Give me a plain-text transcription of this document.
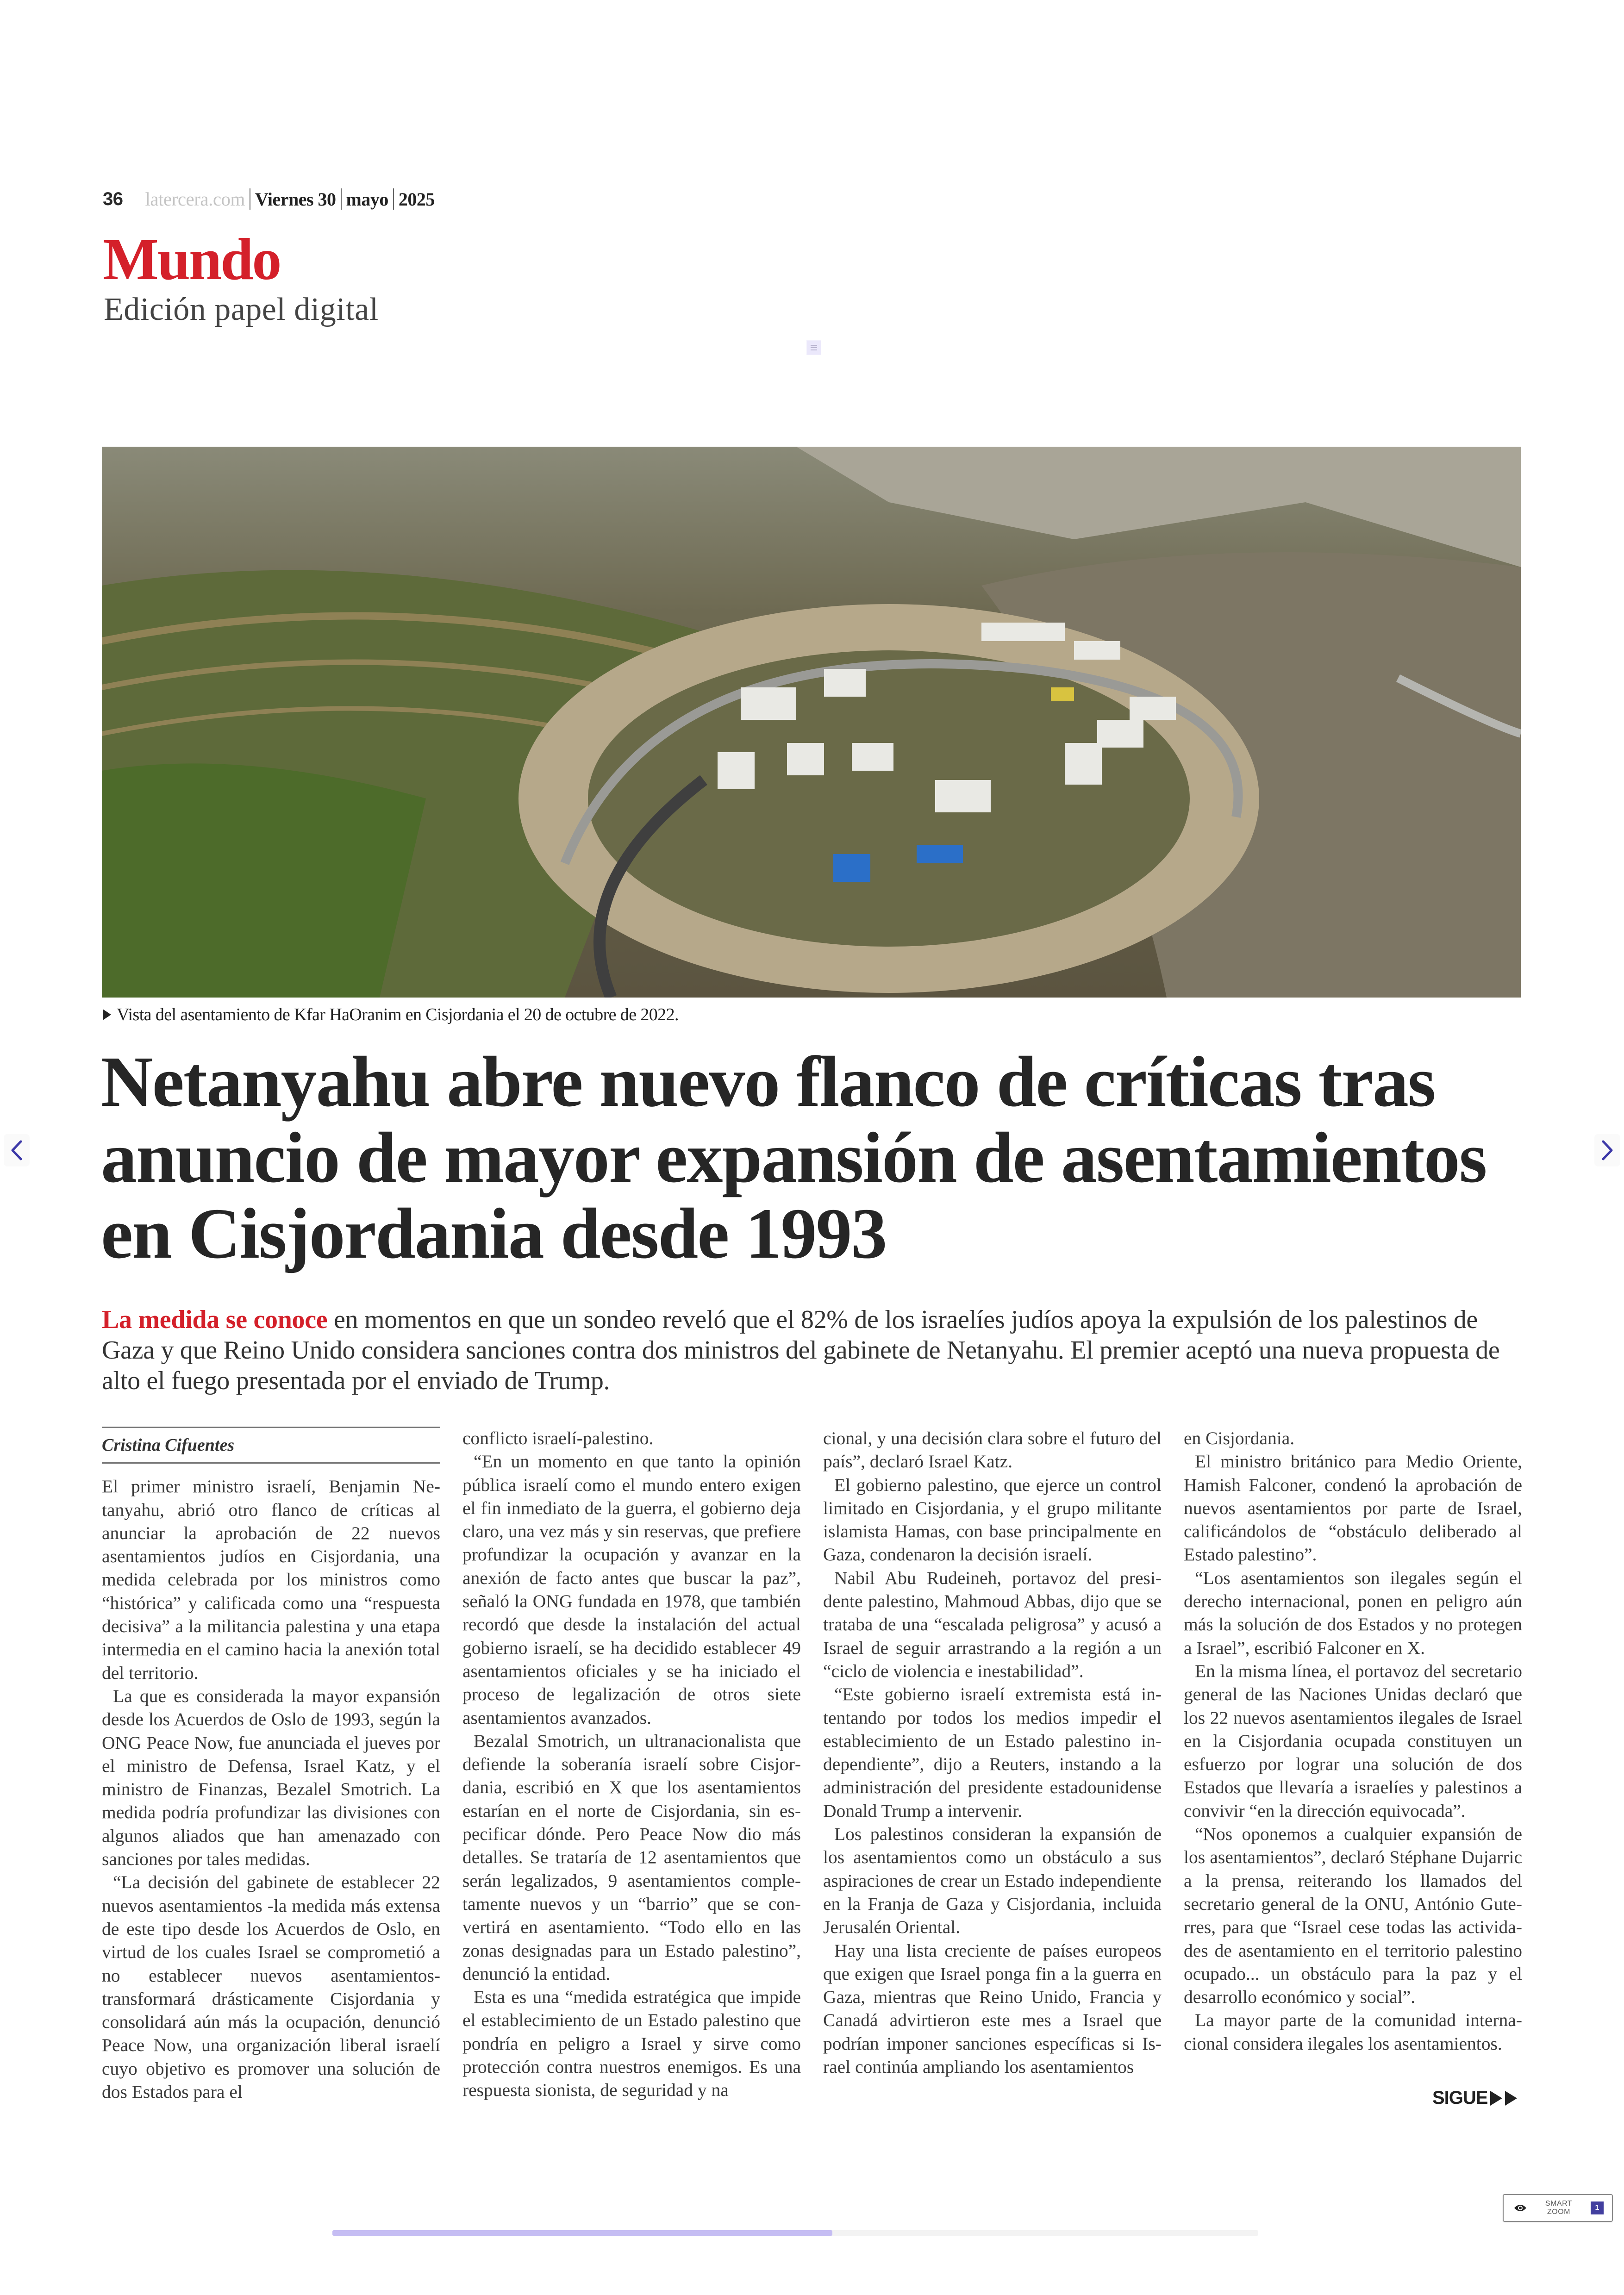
36 latercera.com Viernes 30 mayo 2025
Mundo
Edición papel digital
Vista del asentamiento de Kfar HaOranim en Cisjordania el 20 de octubre de 2022.
Netanyahu abre nuevo flanco de críticas tras anuncio de mayor expansión de asentamientos en Cisjordania desde 1993

La medida se conoce en momentos en que un sondeo reveló que el 82% de los israelíes judíos apoya la expulsión de los palestinos de Gaza y que Reino Unido considera sanciones contra dos ministros del gabinete de Netanyahu. El premier aceptó una nueva propuesta de alto el fuego presentada por el enviado de Trump.

Cristina Cifuentes

El primer ministro israelí, Benjamin Netanyahu, abrió otro flanco de críticas al anunciar la aprobación de 22 nuevos asentamientos judíos en Cisjordania, una medida celebrada por los ministros como “histórica” y calificada como una “respuesta decisiva” a la militancia palestina y una etapa intermedia en el camino hacia la anexión total del territorio.

La que es considerada la mayor expansión desde los Acuerdos de Oslo de 1993, según la ONG Peace Now, fue anunciada el jueves por el ministro de Defensa, Israel Katz, y el ministro de Finanzas, Bezalel Smotrich. La medida podría profundizar las divisiones con algunos aliados que han amenazado con sanciones por tales medidas.

“La decisión del gabinete de establecer 22 nuevos asentamientos -la medida más extensa de este tipo desde los Acuerdos de Oslo, en virtud de los cuales Israel se comprometió a no establecer nuevos asentamientos- transformará drásticamente Cisjordania y consolidará aún más la ocupación, denunció Peace Now, una organización liberal israelí cuyo objetivo es promover una solución de dos Estados para el

conflicto israelí-palestino.

“En un momento en que tanto la opinión pública israelí como el mundo entero exigen el fin inmediato de la guerra, el gobierno deja claro, una vez más y sin reservas, que prefiere profundizar la ocupación y avanzar en la anexión de facto antes que buscar la paz”, señaló la ONG fundada en 1978, que también recordó que desde la instalación del actual gobierno israelí, se ha decidido establecer 49 asentamientos oficiales y se ha iniciado el proceso de legalización de otros siete asentamientos avanzados.

Bezalal Smotrich, un ultranacionalista que defiende la soberanía israelí sobre Cisjordania, escribió en X que los asentamientos estarían en el norte de Cisjordania, sin especificar dónde. Pero Peace Now dio más detalles. Se trataría de 12 asentamientos que serán legalizados, 9 asentamientos completamente nuevos y un “barrio” que se convertirá en asentamiento. “Todo ello en las zonas designadas para un Estado palestino”, denunció la entidad.

Esta es una “medida estratégica que impide el establecimiento de un Estado palestino que pondría en peligro a Israel y sirve como protección contra nuestros enemigos. Es una respuesta sionista, de seguridad y na

cional, y una decisión clara sobre el futuro del país”, declaró Israel Katz.

El gobierno palestino, que ejerce un control limitado en Cisjordania, y el grupo militante islamista Hamas, con base principalmente en Gaza, condenaron la decisión israelí.

Nabil Abu Rudeineh, portavoz del presidente palestino, Mahmoud Abbas, dijo que se trataba de una “escalada peligrosa” y acusó a Israel de seguir arrastrando a la región a un “ciclo de violencia e inestabilidad”.

“Este gobierno israelí extremista está intentando por todos los medios impedir el establecimiento de un Estado palestino independiente”, dijo a Reuters, instando a la administración del presidente estadounidense Donald Trump a intervenir.

Los palestinos consideran la expansión de los asentamientos como un obstáculo a sus aspiraciones de crear un Estado independiente en la Franja de Gaza y Cisjordania, incluida Jerusalén Oriental.

Hay una lista creciente de países europeos que exigen que Israel ponga fin a la guerra en Gaza, mientras que Reino Unido, Francia y Canadá advirtieron este mes a Israel que podrían imponer sanciones específicas si Israel continúa ampliando los asentamientos

en Cisjordania.

El ministro británico para Medio Oriente, Hamish Falconer, condenó la aprobación de nuevos asentamientos por parte de Israel, calificándolos de “obstáculo deliberado al Estado palestino”.

“Los asentamientos son ilegales según el derecho internacional, ponen en peligro aún más la solución de dos Estados y no protegen a Israel”, escribió Falconer en X.

En la misma línea, el portavoz del secretario general de las Naciones Unidas declaró que los 22 nuevos asentamientos ilegales de Israel en la Cisjordania ocupada constituyen un esfuerzo por lograr una solución de dos Estados que llevaría a israelíes y palestinos a convivir “en la dirección equivocada”.

“Nos oponemos a cualquier expansión de los asentamientos”, declaró Stéphane Dujarric a la prensa, reiterando los llamados del secretario general de la ONU, António Guterres, para que “Israel cese todas las actividades de asentamiento en el territorio palestino ocupado... un obstáculo para la paz y el desarrollo económico y social”.

La mayor parte de la comunidad internacional considera ilegales los asentamientos.

SIGUE
SMART
ZOOM
1
